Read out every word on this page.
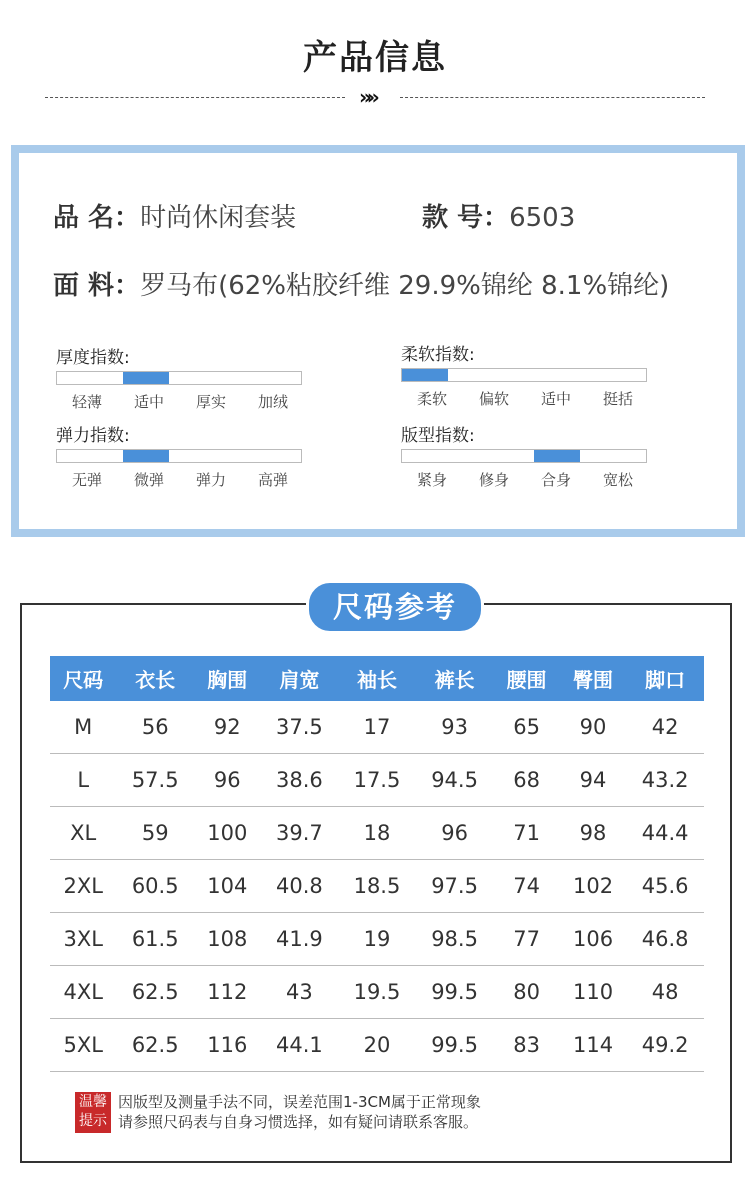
产品信息
»»
品 名：时尚休闲套装	款 号：6503
面 料：罗马布(62%粘胶纤维 29.9%锦纶 8.1%锦纶)
厚度指数:
轻薄	适中	厚实	加绒
柔软指数:
柔软	偏软	适中	挺括
弹力指数:
无弹	微弹	弹力	高弹
版型指数:
紧身	修身	合身	宽松
尺码参考
尺码	衣长	胸围	肩宽	袖长	裤长	腰围	臀围	脚口
M	56	92	37.5	17	93	65	90	42
L	57.5	96	38.6	17.5	94.5	68	94	43.2
XL	59	100	39.7	18	96	71	98	44.4
2XL	60.5	104	40.8	18.5	97.5	74	102	45.6
3XL	61.5	108	41.9	19	98.5	77	106	46.8
4XL	62.5	112	43	19.5	99.5	80	110	48
5XL	62.5	116	44.1	20	99.5	83	114	49.2
温馨
提示
因版型及测量手法不同，误差范围1-3CM属于正常现象
请参照尺码表与自身习惯选择，如有疑问请联系客服。
